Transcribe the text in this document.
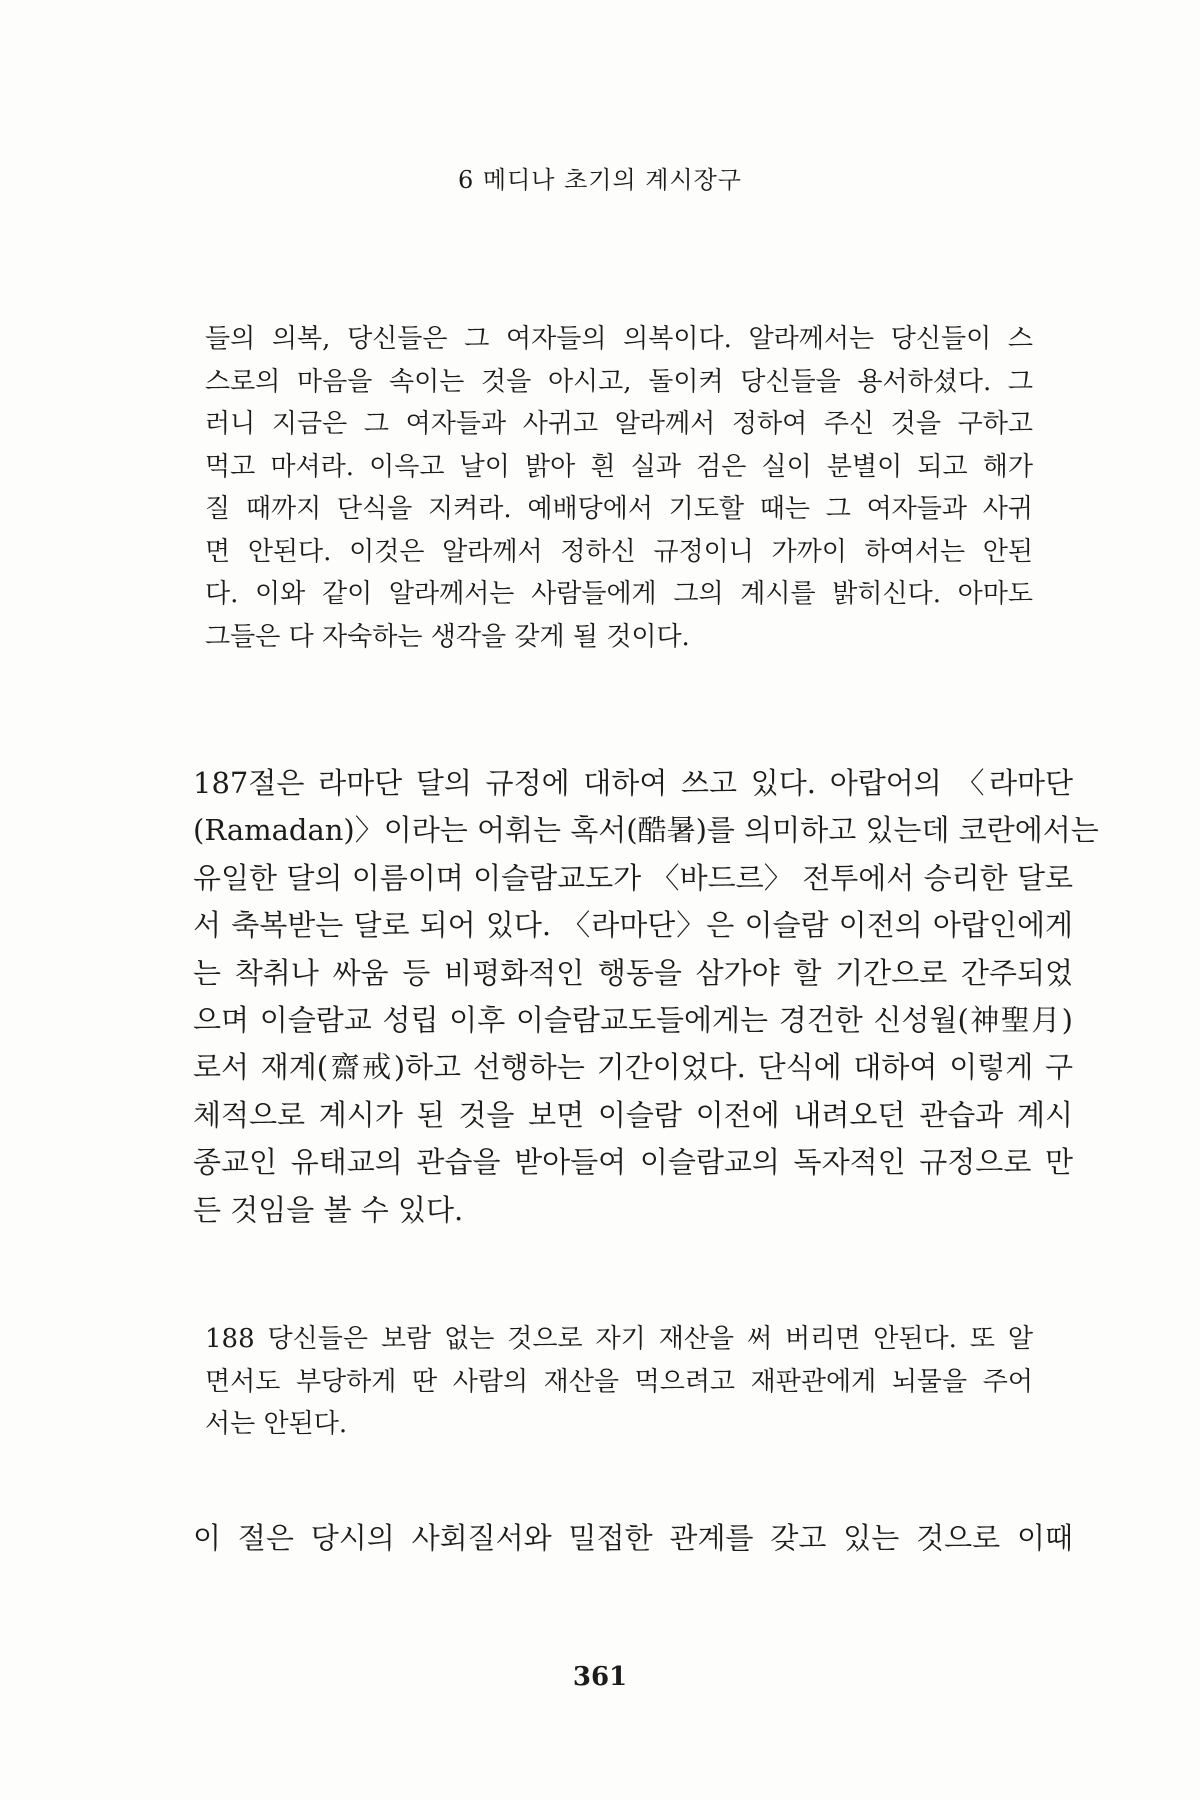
6 메디나 초기의 계시장구
들의 의복, 당신들은 그 여자들의 의복이다. 알라께서는 당신들이 스
스로의 마음을 속이는 것을 아시고, 돌이켜 당신들을 용서하셨다. 그
러니 지금은 그 여자들과 사귀고 알라께서 정하여 주신 것을 구하고
먹고 마셔라. 이윽고 날이 밝아 흰 실과 검은 실이 분별이 되고 해가
질 때까지 단식을 지켜라. 예배당에서 기도할 때는 그 여자들과 사귀
면 안된다. 이것은 알라께서 정하신 규정이니 가까이 하여서는 안된
다. 이와 같이 알라께서는 사람들에게 그의 계시를 밝히신다. 아마도
그들은 다 자숙하는 생각을 갖게 될 것이다.
187절은 라마단 달의 규정에 대하여 쓰고 있다. 아랍어의 〈라마단
(Ramadan)〉이라는 어휘는 혹서(酷暑)를 의미하고 있는데 코란에서는
유일한 달의 이름이며 이슬람교도가 〈바드르〉 전투에서 승리한 달로
서 축복받는 달로 되어 있다. 〈라마단〉은 이슬람 이전의 아랍인에게
는 착취나 싸움 등 비평화적인 행동을 삼가야 할 기간으로 간주되었
으며 이슬람교 성립 이후 이슬람교도들에게는 경건한 신성월(神聖月)
로서 재계(齋戒)하고 선행하는 기간이었다. 단식에 대하여 이렇게 구
체적으로 계시가 된 것을 보면 이슬람 이전에 내려오던 관습과 계시
종교인 유태교의 관습을 받아들여 이슬람교의 독자적인 규정으로 만
든 것임을 볼 수 있다.
188 당신들은 보람 없는 것으로 자기 재산을 써 버리면 안된다. 또 알
면서도 부당하게 딴 사람의 재산을 먹으려고 재판관에게 뇌물을 주어
서는 안된다.
이 절은 당시의 사회질서와 밀접한 관계를 갖고 있는 것으로 이때
361
